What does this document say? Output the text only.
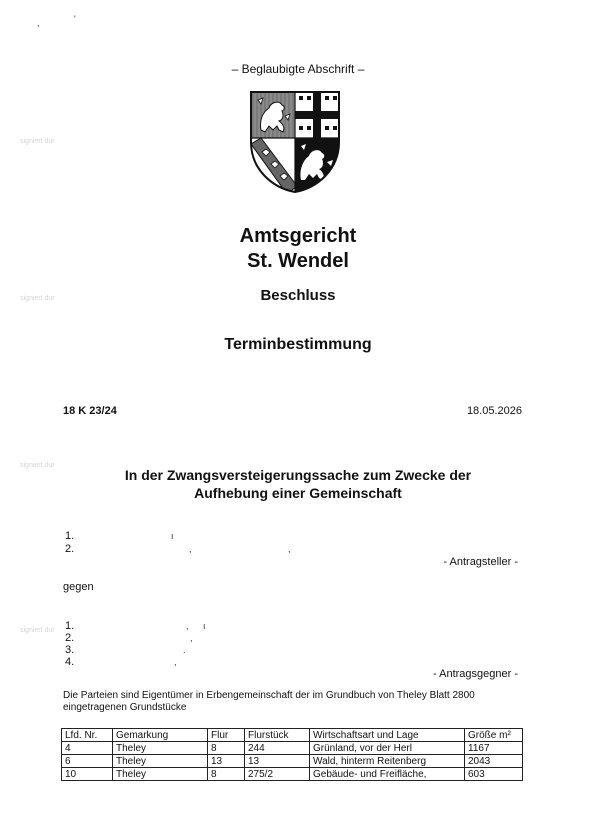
,	'
signiert dur
signiert dur
signiert dur
signiert dur
– Beglaubigte Abschrift –
Amtsgericht
St. Wendel
Beschluss
Terminbestimmung
18 K 23/24	18.05.2026
In der Zwangsversteigerungssache zum Zwecke der
Aufhebung einer Gemeinschaft
1.
2.
ı
,	,
- Antragsteller -
gegen
1.
2.
3.
4.
, ı
,
.
,
- Antragsgegner -
Die Parteien sind Eigentümer in Erbengemeinschaft der im Grundbuch von Theley Blatt 2800 eingetragenen Grundstücke
Lfd. Nr.	Gemarkung	Flur	Flurstück	Wirtschaftsart und Lage	Größe m²
4	Theley	8	244	Grünland, vor der Herl	1167
6	Theley	13	13	Wald, hinterm Reitenberg	2043
10	Theley	8	275/2	Gebäude- und Freifläche,	603
